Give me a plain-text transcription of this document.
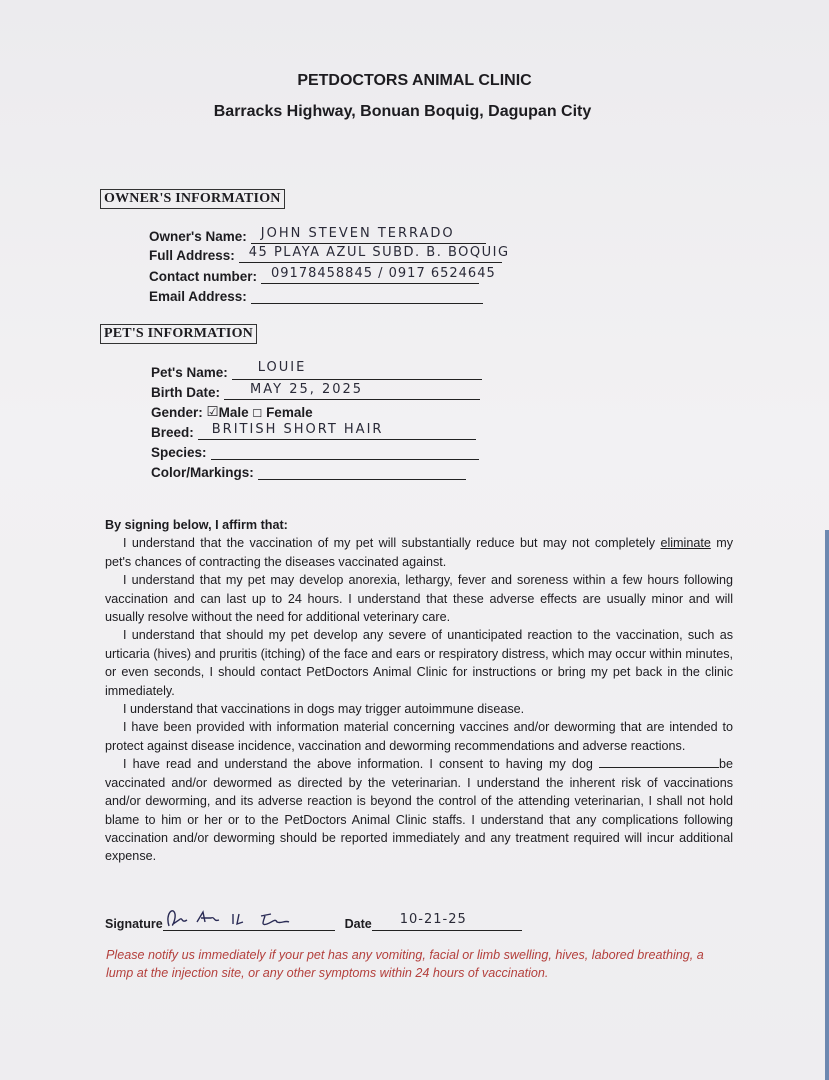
PETDOCTORS ANIMAL CLINIC
Barracks Highway, Bonuan Boquig, Dagupan City
OWNER'S INFORMATION
Owner's Name: JOHN STEVEN TERRADO
Full Address: 45 PLAYA AZUL SUBD. B. BOQUIG
Contact number: 09178458845 / 0917 6524645
Email Address:
PET'S INFORMATION
Pet's Name: LOUIE
Birth Date: MAY 25, 2025
Gender:
☑ Male
☐
Female
Breed: BRITISH SHORT HAIR
Species:
Color/Markings:

By signing below, I affirm that:

I understand that the vaccination of my pet will substantially reduce but may not completely eliminate my pet's chances of contracting the diseases vaccinated against.

I understand that my pet may develop anorexia, lethargy, fever and soreness within a few hours following vaccination and can last up to 24 hours. I understand that these adverse effects are usually minor and will usually resolve without the need for additional veterinary care.

I understand that should my pet develop any severe of unanticipated reaction to the vaccination, such as urticaria (hives) and pruritis (itching) of the face and ears or respiratory distress, which may occur within minutes, or even seconds, I should contact PetDoctors Animal Clinic for instructions or bring my pet back in the clinic immediately.

I understand that vaccinations in dogs may trigger autoimmune disease.

I have been provided with information material concerning vaccines and/or deworming that are intended to protect against disease incidence, vaccination and deworming recommendations and adverse reactions.

I have read and understand the above information. I consent to having my dog	be vaccinated and/or dewormed as directed by the veterinarian. I understand the inherent risk of vaccinations and/or deworming, and its adverse reaction is beyond the control of the attending veterinarian, I shall not hold blame to him or her or to the PetDoctors Animal Clinic staffs. I understand that any complications following vaccination and/or deworming should be reported immediately and any treatment required will incur additional expense.

Signature	Date 10-21-25
Please notify us immediately if your pet has any vomiting, facial or limb swelling, hives, labored breathing, a lump at the injection site, or any other symptoms within 24 hours of vaccination.
